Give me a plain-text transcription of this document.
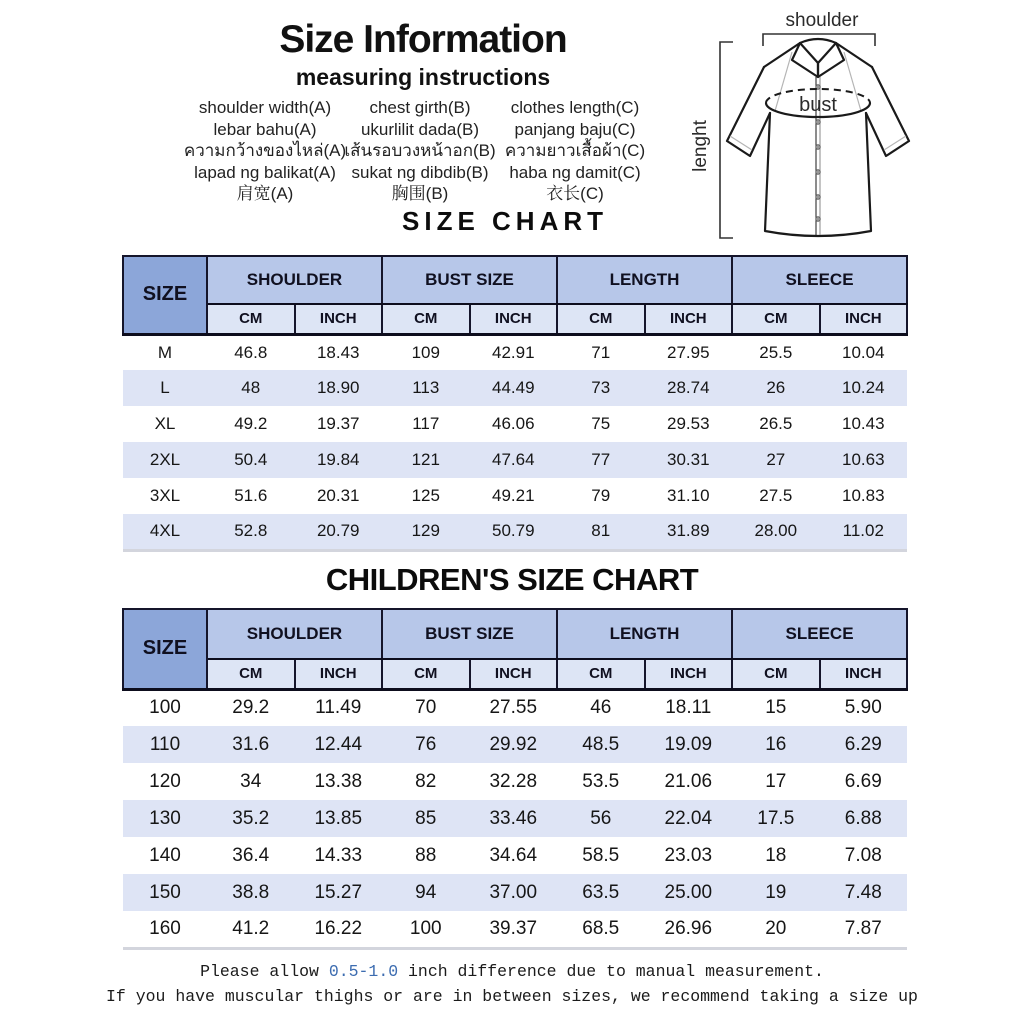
Size Information
measuring instructions
shoulder width(A)
lebar bahu(A)
ความกว้างของไหล่(A)
lapad ng balikat(A)
肩宽(A)
chest girth(B)
ukurlilit dada(B)
เส้นรอบวงหน้าอก(B)
sukat ng dibdib(B)
胸围(B)
clothes length(C)
panjang baju(C)
ความยาวเสื้อผ้า(C)
haba ng damit(C)
衣长(C)
SIZE CHART
shoulder
lenght
bust
SIZE	SHOULDER		BUST SIZE		LENGTH		SLEECE	
	CM	INCH	CM	INCH	CM	INCH	CM	INCH
M	46.8	18.43	109	42.91	71	27.95	25.5	10.04
L	48	18.90	113	44.49	73	28.74	26	10.24
XL	49.2	19.37	117	46.06	75	29.53	26.5	10.43
2XL	50.4	19.84	121	47.64	77	30.31	27	10.63
3XL	51.6	20.31	125	49.21	79	31.10	27.5	10.83
4XL	52.8	20.79	129	50.79	81	31.89	28.00	11.02
CHILDREN'S SIZE CHART
SIZE	SHOULDER		BUST SIZE		LENGTH		SLEECE	
	CM	INCH	CM	INCH	CM	INCH	CM	INCH
100	29.2	11.49	70	27.55	46	18.11	15	5.90
110	31.6	12.44	76	29.92	48.5	19.09	16	6.29
120	34	13.38	82	32.28	53.5	21.06	17	6.69
130	35.2	13.85	85	33.46	56	22.04	17.5	6.88
140	36.4	14.33	88	34.64	58.5	23.03	18	7.08
150	38.8	15.27	94	37.00	63.5	25.00	19	7.48
160	41.2	16.22	100	39.37	68.5	26.96	20	7.87
Please allow 0.5-1.0 inch difference due to manual measurement.
If you have muscular thighs or are in between sizes, we recommend taking a size up
